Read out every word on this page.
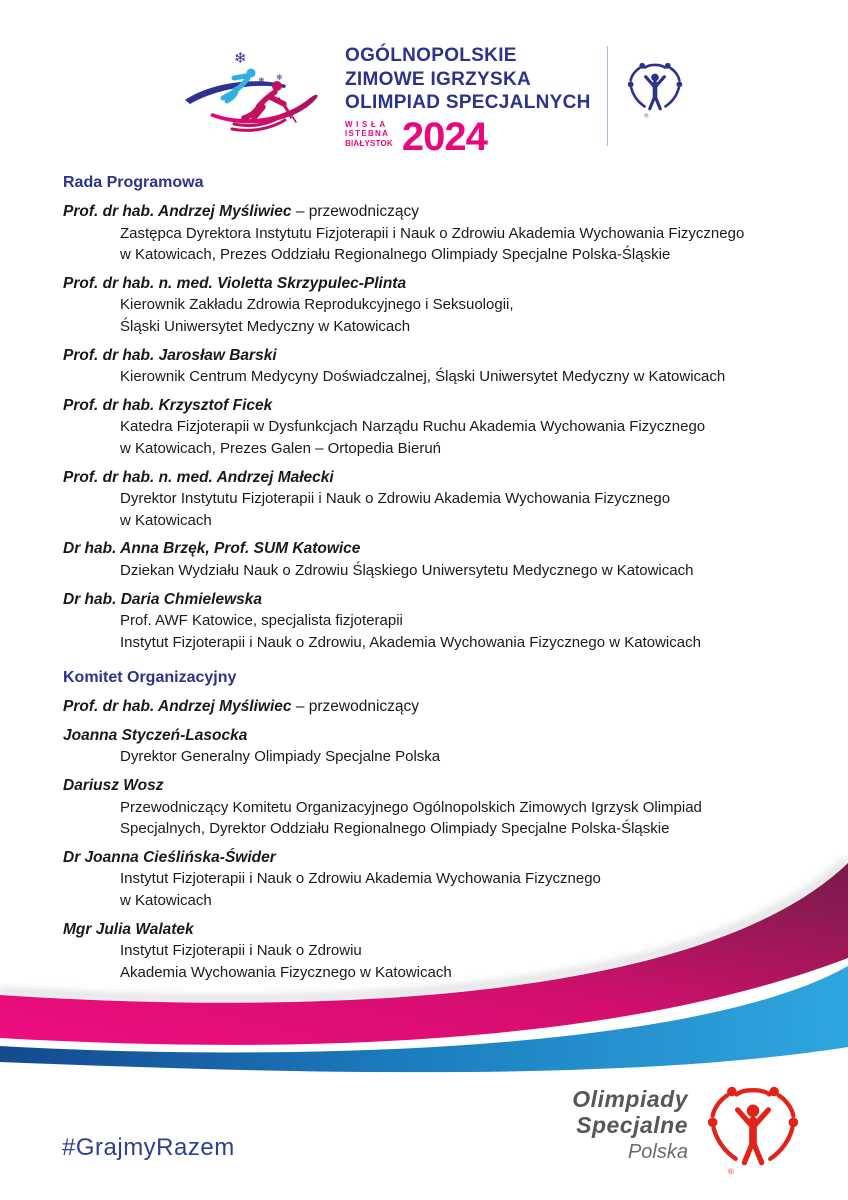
❄
❄ ❄
OGÓLNOPOLSKIE
ZIMOWE IGRZYSKA
OLIMPIAD SPECJALNYCH
WISŁA
ISTEBNA
BIAŁYSTOK 2024	®
Rada Programowa
Prof. dr hab. Andrzej Myśliwiec – przewodniczący
Zastępca Dyrektora Instytutu Fizjoterapii i Nauk o Zdrowiu Akademia Wychowania Fizycznego
w Katowicach, Prezes Oddziału Regionalnego Olimpiady Specjalne Polska-Śląskie
Prof. dr hab. n. med. Violetta Skrzypulec-Plinta
Kierownik Zakładu Zdrowia Reprodukcyjnego i Seksuologii,
Śląski Uniwersytet Medyczny w Katowicach
Prof. dr hab. Jarosław Barski
Kierownik Centrum Medycyny Doświadczalnej, Śląski Uniwersytet Medyczny w Katowicach
Prof. dr hab. Krzysztof Ficek
Katedra Fizjoterapii w Dysfunkcjach Narządu Ruchu Akademia Wychowania Fizycznego
w Katowicach, Prezes Galen – Ortopedia Bieruń
Prof. dr hab. n. med. Andrzej Małecki
Dyrektor Instytutu Fizjoterapii i Nauk o Zdrowiu Akademia Wychowania Fizycznego
w Katowicach
Dr hab. Anna Brzęk, Prof. SUM Katowice
Dziekan Wydziału Nauk o Zdrowiu Śląskiego Uniwersytetu Medycznego w Katowicach
Dr hab. Daria Chmielewska
Prof. AWF Katowice, specjalista fizjoterapii
Instytut Fizjoterapii i Nauk o Zdrowiu, Akademia Wychowania Fizycznego w Katowicach
Komitet Organizacyjny
Prof. dr hab. Andrzej Myśliwiec – przewodniczący
Joanna Styczeń-Lasocka
Dyrektor Generalny Olimpiady Specjalne Polska
Dariusz Wosz
Przewodniczący Komitetu Organizacyjnego Ogólnopolskich Zimowych Igrzysk Olimpiad
Specjalnych, Dyrektor Oddziału Regionalnego Olimpiady Specjalne Polska-Śląskie
Dr Joanna Cieślińska-Świder
Instytut Fizjoterapii i Nauk o Zdrowiu Akademia Wychowania Fizycznego
w Katowicach
Mgr Julia Walatek
Instytut Fizjoterapii i Nauk o Zdrowiu
Akademia Wychowania Fizycznego w Katowicach
#GrajmyRazem
Olimpiady
Specjalne
Polska
®
